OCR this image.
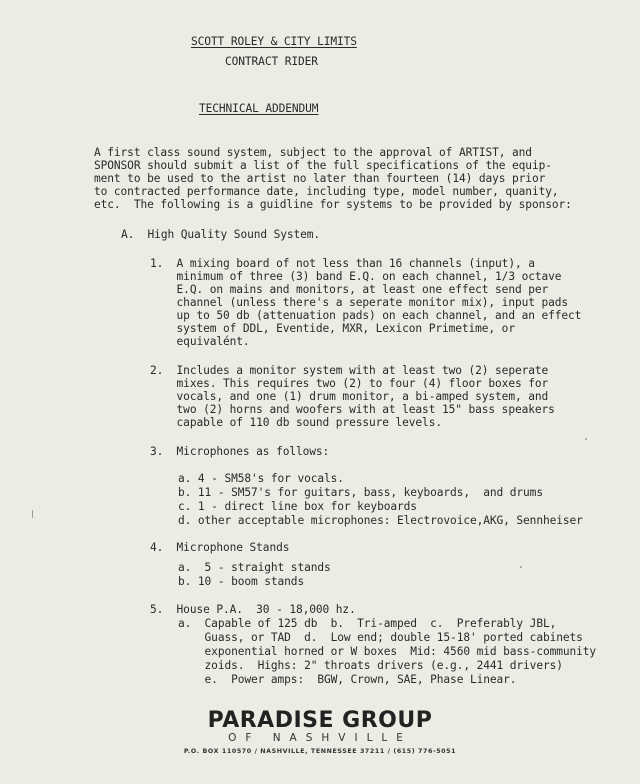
SCOTT ROLEY & CITY LIMITS
CONTRACT RIDER
TECHNICAL ADDENDUM
A first class sound system, subject to the approval of ARTIST, and
SPONSOR should submit a list of the full specifications of the equip-
ment to be used to the artist no later than fourteen (14) days prior
to contracted performance date, including type, model number, quanity,
etc.  The following is a guidline for systems to be provided by sponsor:
A.  High Quality Sound System.
1.  A mixing board of not less than 16 channels (input), a
minimum of three (3) band E.Q. on each channel, 1/3 octave
E.Q. on mains and monitors, at least one effect send per
channel (unless there's a seperate monitor mix), input pads
up to 50 db (attenuation pads) on each channel, and an effect
system of DDL, Eventide, MXR, Lexicon Primetime, or
equivalént.
2.  Includes a monitor system with at least two (2) seperate
mixes. This requires two (2) to four (4) floor boxes for
vocals, and one (1) drum monitor, a bi-amped system, and
two (2) horns and woofers with at least 15" bass speakers
capable of 110 db sound pressure levels.
3.  Microphones as follows:
a. 4 - SM58's for vocals.
b. 11 - SM57's for guitars, bass, keyboards,  and drums
c. 1 - direct line box for keyboards
d. other acceptable microphones: Electrovoice,AKG, Sennheiser
4.  Microphone Stands
a.  5 - straight stands
b. 10 - boom stands
5.  House P.A.  30 - 18,000 hz.
a.  Capable of 125 db  b.  Tri-amped  c.  Preferably JBL,
Guass, or TAD  d.  Low end; double 15-18' ported cabinets
exponential horned or W boxes  Mid: 4560 mid bass-community
zoids.  Highs: 2" throats drivers (e.g., 2441 drivers)
e.  Power amps:  BGW, Crown, SAE, Phase Linear.
PARADISE GROUP
OF NASHVILLE
P.O. BOX 110570 / NASHVILLE, TENNESSEE 37211 / (615) 776-5051
